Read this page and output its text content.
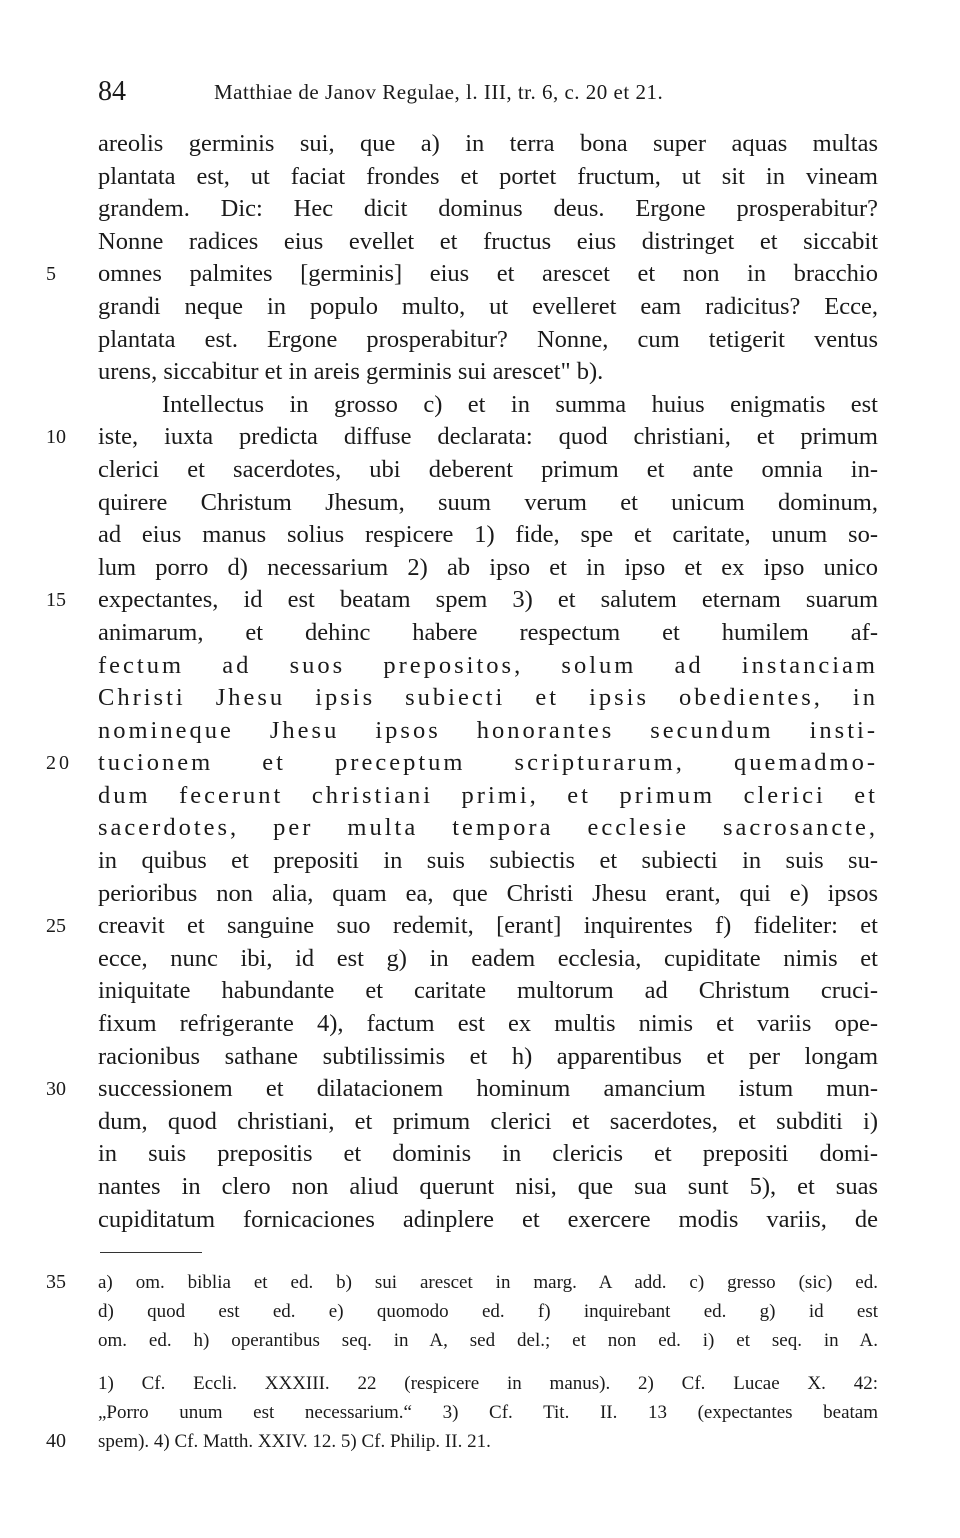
84	Matthiae de Janov Regulae, l. III, tr. 6, c. 20 et 21.
areolis germinis sui, que a) in terra bona super aquas multas
plantata est, ut faciat frondes et portet fructum, ut sit in vineam
grandem. Dic: Hec dicit dominus deus. Ergone prosperabitur?
Nonne radices eius evellet et fructus eius distringet et siccabit
5	omnes palmites [germinis] eius et arescet et non in bracchio
grandi neque in populo multo, ut evelleret eam radicitus? Ecce,
plantata est. Ergone prosperabitur? Nonne, cum tetigerit ventus
urens, siccabitur et in areis germinis sui arescet" b).
Intellectus in grosso c) et in summa huius enigmatis est
10	iste, iuxta predicta diffuse declarata: quod christiani, et primum
clerici et sacerdotes, ubi deberent primum et ante omnia in-
quirere Christum Jhesum, suum verum et unicum dominum,
ad eius manus solius respicere 1) fide, spe et caritate, unum so-
lum porro d) necessarium 2) ab ipso et in ipso et ex ipso unico
15	expectantes, id est beatam spem 3) et salutem eternam suarum
animarum, et dehinc habere respectum et humilem af-
fectum ad suos prepositos, solum ad instanciam
Christi Jhesu ipsis subiecti et ipsis obedientes, in
nomineque Jhesu ipsos honorantes secundum insti-
20	tucionem et preceptum scripturarum, quemadmo-
dum fecerunt christiani primi, et primum clerici et
sacerdotes, per multa tempora ecclesie sacrosancte,
in quibus et prepositi in suis subiectis et subiecti in suis su-
perioribus non alia, quam ea, que Christi Jhesu erant, qui e) ipsos
25	creavit et sanguine suo redemit, [erant] inquirentes f) fideliter: et
ecce, nunc ibi, id est g) in eadem ecclesia, cupiditate nimis et
iniquitate habundante et caritate multorum ad Christum cruci-
fixum refrigerante 4), factum est ex multis nimis et variis ope-
racionibus sathane subtilissimis et h) apparentibus et per longam
30	successionem et dilatacionem hominum amancium istum mun-
dum, quod christiani, et primum clerici et sacerdotes, et subditi i)
in suis prepositis et dominis in clericis et prepositi domi-
nantes in clero non aliud querunt nisi, que sua sunt 5), et suas
cupiditatum fornicaciones adinplere et exercere modis variis, de
35	a) om. biblia et ed. b) sui arescet in marg. A add. c) gresso (sic) ed.
d) quod est ed. e) quomodo ed. f) inquirebant ed. g) id est
om. ed. h) operantibus seq. in A, sed del.; et non ed. i) et seq. in A.
1) Cf. Eccli. XXXIII. 22 (respicere in manus). 2) Cf. Lucae X. 42:
„Porro unum est necessarium.“ 3) Cf. Tit. II. 13 (expectantes beatam
40	spem). 4) Cf. Matth. XXIV. 12. 5) Cf. Philip. II. 21.
